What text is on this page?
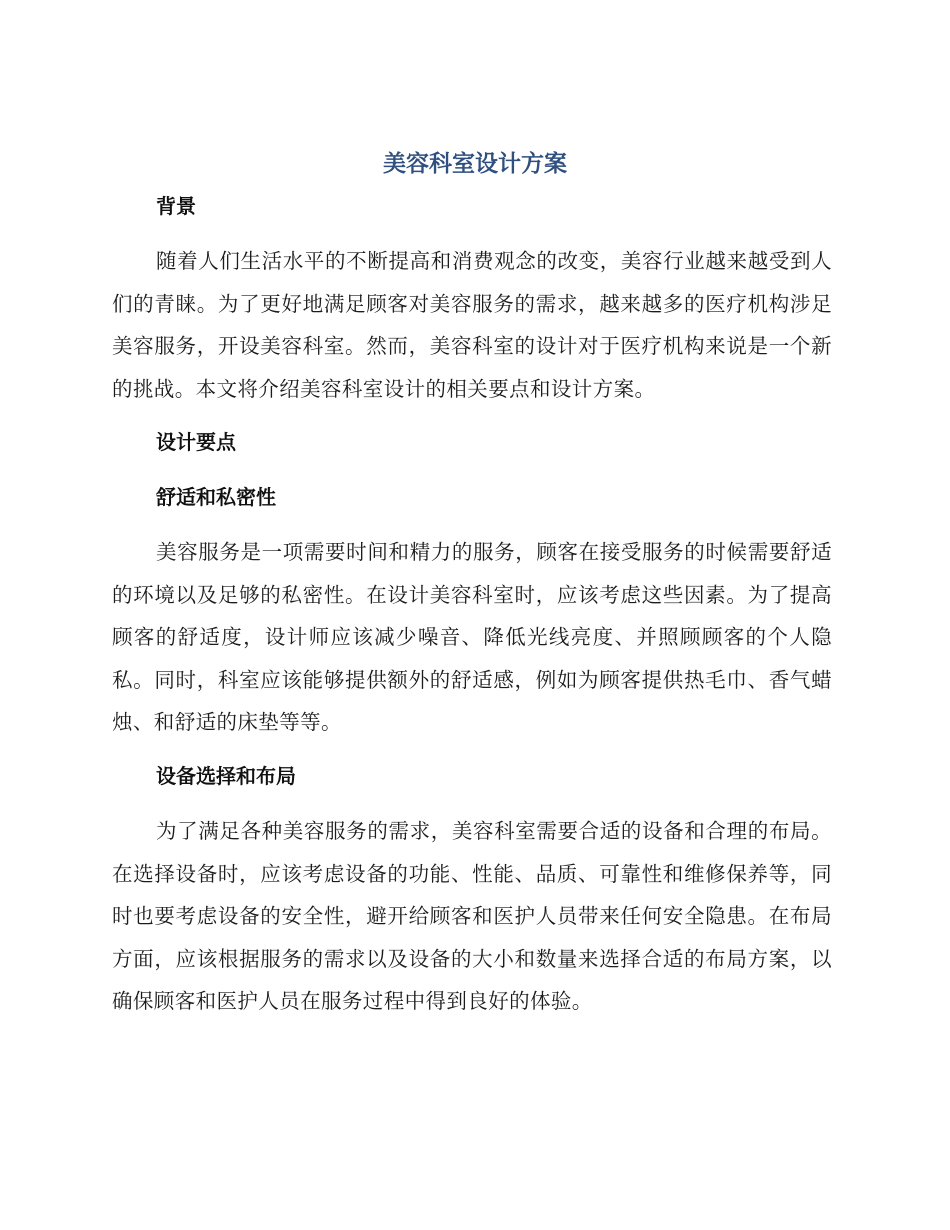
美容科室设计方案
背景

随着人们生活水平的不断提高和消费观念的改变，美容行业越来越受到人们的青睐。为了更好地满足顾客对美容服务的需求，越来越多的医疗机构涉足美容服务，开设美容科室。然而，美容科室的设计对于医疗机构来说是一个新的挑战。本文将介绍美容科室设计的相关要点和设计方案。

设计要点
舒适和私密性

美容服务是一项需要时间和精力的服务，顾客在接受服务的时候需要舒适的环境以及足够的私密性。在设计美容科室时，应该考虑这些因素。为了提高顾客的舒适度，设计师应该减少噪音、降低光线亮度、并照顾顾客的个人隐私。同时，科室应该能够提供额外的舒适感，例如为顾客提供热毛巾、香气蜡烛、和舒适的床垫等等。

设备选择和布局

为了满足各种美容服务的需求，美容科室需要合适的设备和合理的布局。在选择设备时，应该考虑设备的功能、性能、品质、可靠性和维修保养等，同时也要考虑设备的安全性，避开给顾客和医护人员带来任何安全隐患。在布局方面，应该根据服务的需求以及设备的大小和数量来选择合适的布局方案，以确保顾客和医护人员在服务过程中得到良好的体验。
